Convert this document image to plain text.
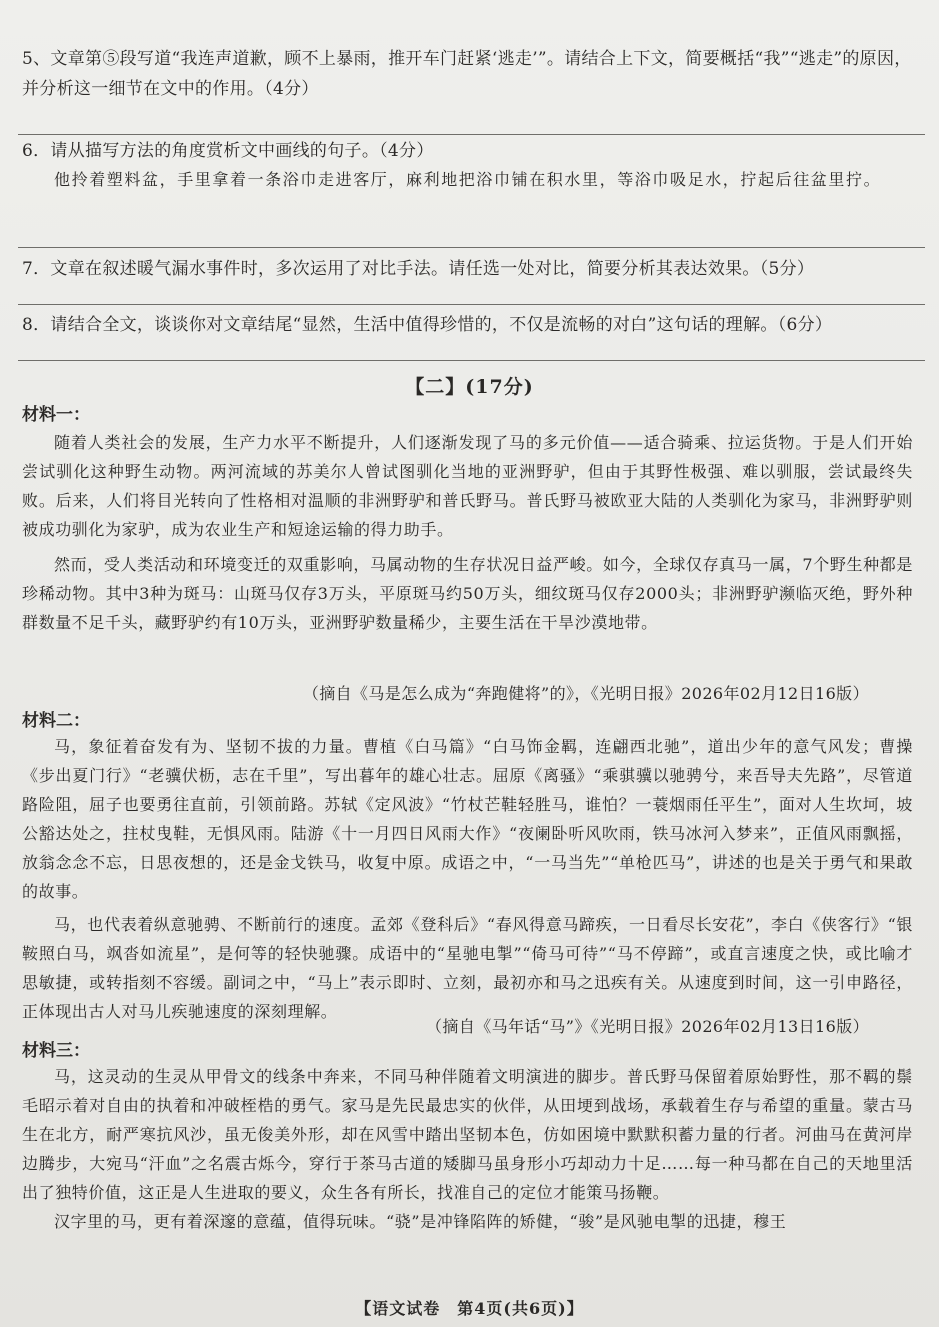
5、文章第⑤段写道“我连声道歉，顾不上暴雨，推开车门赶紧‘逃走’”。请结合上下文，简要概括“我”“逃走”的原因，并分析这一细节在文中的作用。（4分）

6．请从描写方法的角度赏析文中画线的句子。（4分）

他拎着塑料盆，手里拿着一条浴巾走进客厅，麻利地把浴巾铺在积水里，等浴巾吸足水，拧起后往盆里拧。

7．文章在叙述暖气漏水事件时，多次运用了对比手法。请任选一处对比，简要分析其表达效果。（5分）

8．请结合全文，谈谈你对文章结尾“显然，生活中值得珍惜的，不仅是流畅的对白”这句话的理解。（6分）

【二】(17分)
材料一：

随着人类社会的发展，生产力水平不断提升，人们逐渐发现了马的多元价值——适合骑乘、拉运货物。于是人们开始尝试驯化这种野生动物。两河流域的苏美尔人曾试图驯化当地的亚洲野驴，但由于其野性极强、难以驯服，尝试最终失败。后来，人们将目光转向了性格相对温顺的非洲野驴和普氏野马。普氏野马被欧亚大陆的人类驯化为家马，非洲野驴则被成功驯化为家驴，成为农业生产和短途运输的得力助手。

然而，受人类活动和环境变迁的双重影响，马属动物的生存状况日益严峻。如今，全球仅存真马一属，7个野生种都是珍稀动物。其中3种为斑马：山斑马仅存3万头，平原斑马约50万头，细纹斑马仅存2000头；非洲野驴濒临灭绝，野外种群数量不足千头，藏野驴约有10万头，亚洲野驴数量稀少，主要生活在干旱沙漠地带。

（摘自《马是怎么成为“奔跑健将”的》，《光明日报》2026年02月12日16版）
材料二：

马，象征着奋发有为、坚韧不拔的力量。曹植《白马篇》“白马饰金羁，连翩西北驰”，道出少年的意气风发；曹操《步出夏门行》“老骥伏枥，志在千里”，写出暮年的雄心壮志。屈原《离骚》“乘骐骥以驰骋兮，来吾导夫先路”，尽管道路险阻，屈子也要勇往直前，引领前路。苏轼《定风波》“竹杖芒鞋轻胜马，谁怕？一蓑烟雨任平生”，面对人生坎坷，坡公豁达处之，拄杖曳鞋，无惧风雨。陆游《十一月四日风雨大作》“夜阑卧听风吹雨，铁马冰河入梦来”，正值风雨飘摇，放翁念念不忘，日思夜想的，还是金戈铁马，收复中原。成语之中，“一马当先”“单枪匹马”，讲述的也是关于勇气和果敢的故事。

马，也代表着纵意驰骋、不断前行的速度。孟郊《登科后》“春风得意马蹄疾，一日看尽长安花”，李白《侠客行》“银鞍照白马，飒沓如流星”，是何等的轻快驰骤。成语中的“星驰电掣”“倚马可待”“马不停蹄”，或直言速度之快，或比喻才思敏捷，或转指刻不容缓。副词之中，“马上”表示即时、立刻，最初亦和马之迅疾有关。从速度到时间，这一引申路径，正体现出古人对马儿疾驰速度的深刻理解。

（摘自《马年话“马”》《光明日报》2026年02月13日16版）
材料三：

马，这灵动的生灵从甲骨文的线条中奔来，不同马种伴随着文明演进的脚步。普氏野马保留着原始野性，那不羁的鬃毛昭示着对自由的执着和冲破桎梏的勇气。家马是先民最忠实的伙伴，从田埂到战场，承载着生存与希望的重量。蒙古马生在北方，耐严寒抗风沙，虽无俊美外形，却在风雪中踏出坚韧本色，仿如困境中默默积蓄力量的行者。河曲马在黄河岸边腾步，大宛马“汗血”之名震古烁今，穿行于茶马古道的矮脚马虽身形小巧却动力十足……每一种马都在自己的天地里活出了独特价值，这正是人生进取的要义，众生各有所长，找准自己的定位才能策马扬鞭。

汉字里的马，更有着深邃的意蕴，值得玩味。“骁”是冲锋陷阵的矫健，“骏”是风驰电掣的迅捷，穆王

【语文试卷　第4页(共6页)】
